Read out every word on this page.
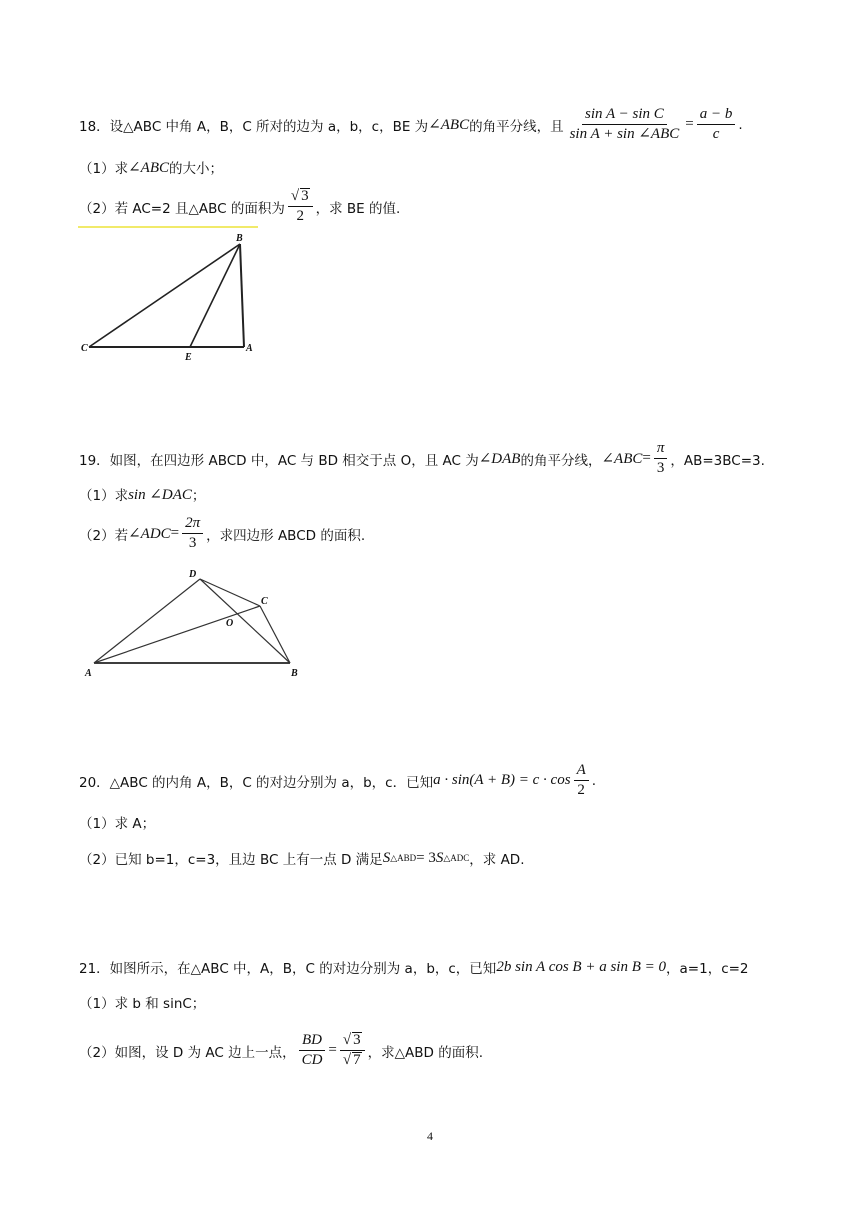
18．设△ABC 中角 A，B，C 所对的边为 a，b，c，BE 为 ∠ABC 的角平分线，且 $\frac{\text{sin A − sin C}}{\text{sin A + sin ∠ABC}} = \frac{a - b}{c}$ .
（1）求 ∠ABC 的大小；
（2）若 AC=2 且△ABC 的面积为 $\frac{√ 3}{2}$ ，求 BE 的值.
B
C
E
A
19．如图，在四边形 ABCD 中，AC 与 BD 相交于点 O，且 AC 为 ∠DAB 的角平分线， ∠ABC = $\frac{\pi}{3}$ ，AB=3BC=3.
（1）求 sin ∠DAC ；
（2）若 ∠ADC = $\frac{2\pi}{3}$ ，求四边形 ABCD 的面积.
D
C
O
A	B
20．△ABC 的内角 A，B，C 的对边分别为 a，b，c．已知 $a \cdot \sin(A + B) = c \cdot \cos \frac{A}{2}$ .
（1）求 A；
（2）已知 b=1，c=3，且边 BC 上有一点 D 满足 S △ABD = 3 S △ADC ，求 AD.
21．如图所示，在△ABC 中，A，B，C 的对边分别为 a，b，c，已知 2b sin A cos B + a sin B = 0 ，a=1，c=2
（1）求 b 和 sinC；
（2）如图，设 D 为 AC 边上一点， $\frac{BD}{CD} = \frac{√ 3}{√ 7}$ ，求△ABD 的面积.
4
